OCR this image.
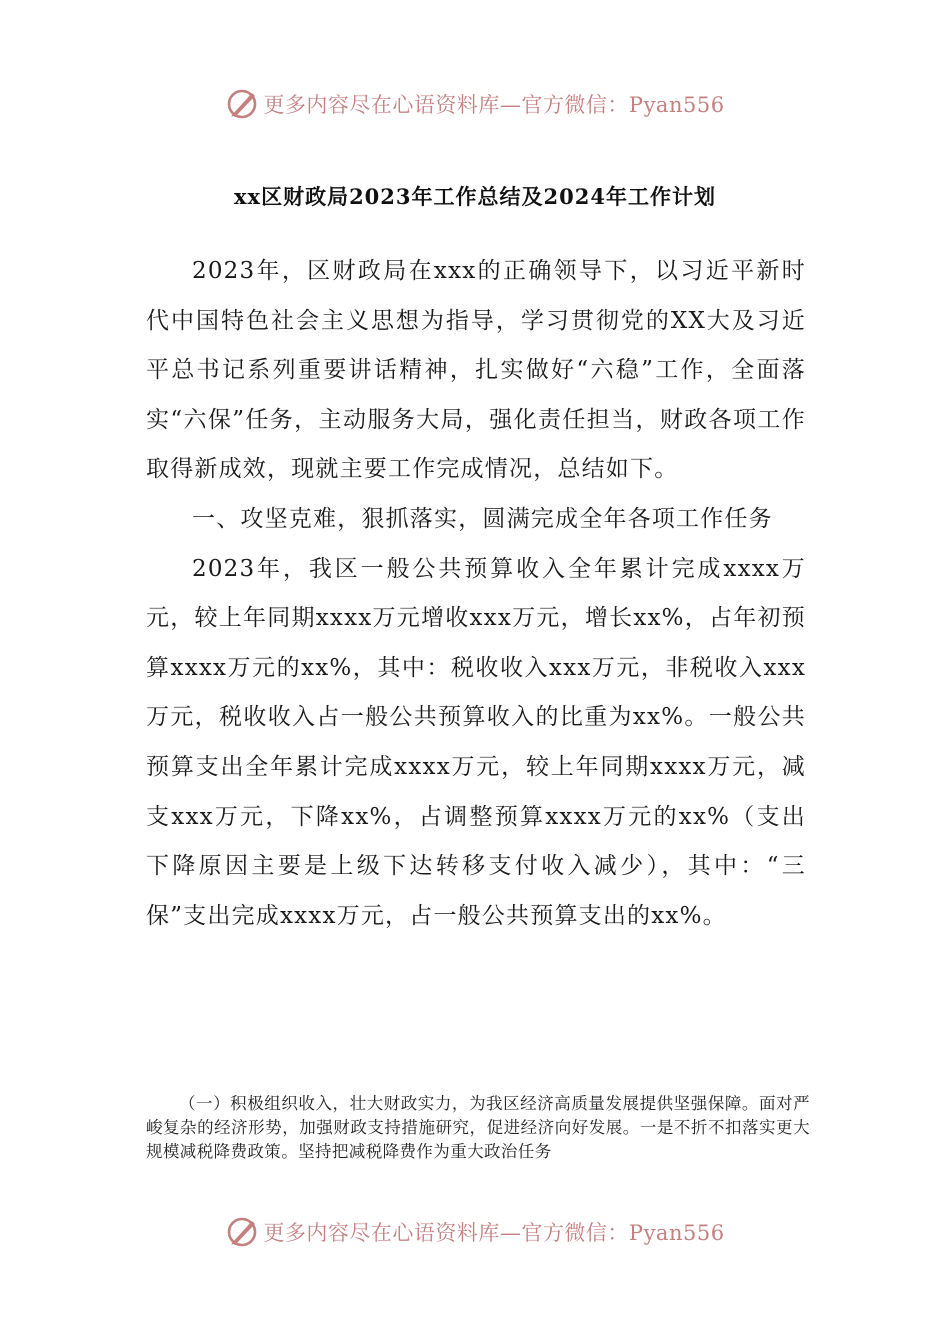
更多内容尽在心语资料库—官方微信：Pyan556
xx区财政局2023年工作总结及2024年工作计划

2023年，区财政局在xxx的正确领导下，以习近平新时代中国特色社会主义思想为指导，学习贯彻党的XX大及习近平总书记系列重要讲话精神，扎实做好“六稳”工作，全面落实“六保”任务，主动服务大局，强化责任担当，财政各项工作取得新成效，现就主要工作完成情况，总结如下。

一、攻坚克难，狠抓落实，圆满完成全年各项工作任务

2023年，我区一般公共预算收入全年累计完成xxxx万元，较上年同期xxxx万元增收xxx万元，增长xx%，占年初预算xxxx万元的xx%，其中：税收收入xxx万元，非税收入xxx万元，税收收入占一般公共预算收入的比重为xx%。一般公共预算支出全年累计完成xxxx万元，较上年同期xxxx万元，减支xxx万元，下降xx%，占调整预算xxxx万元的xx%（支出下降原因主要是上级下达转移支付收入减少），其中：“三保”支出完成xxxx万元，占一般公共预算支出的xx%。

（一）积极组织收入，壮大财政实力，为我区经济高质量发展提供坚强保障。面对严峻复杂的经济形势，加强财政支持措施研究，促进经济向好发展。一是不折不扣落实更大规模减税降费政策。坚持把减税降费作为重大政治任务

更多内容尽在心语资料库—官方微信：Pyan556
